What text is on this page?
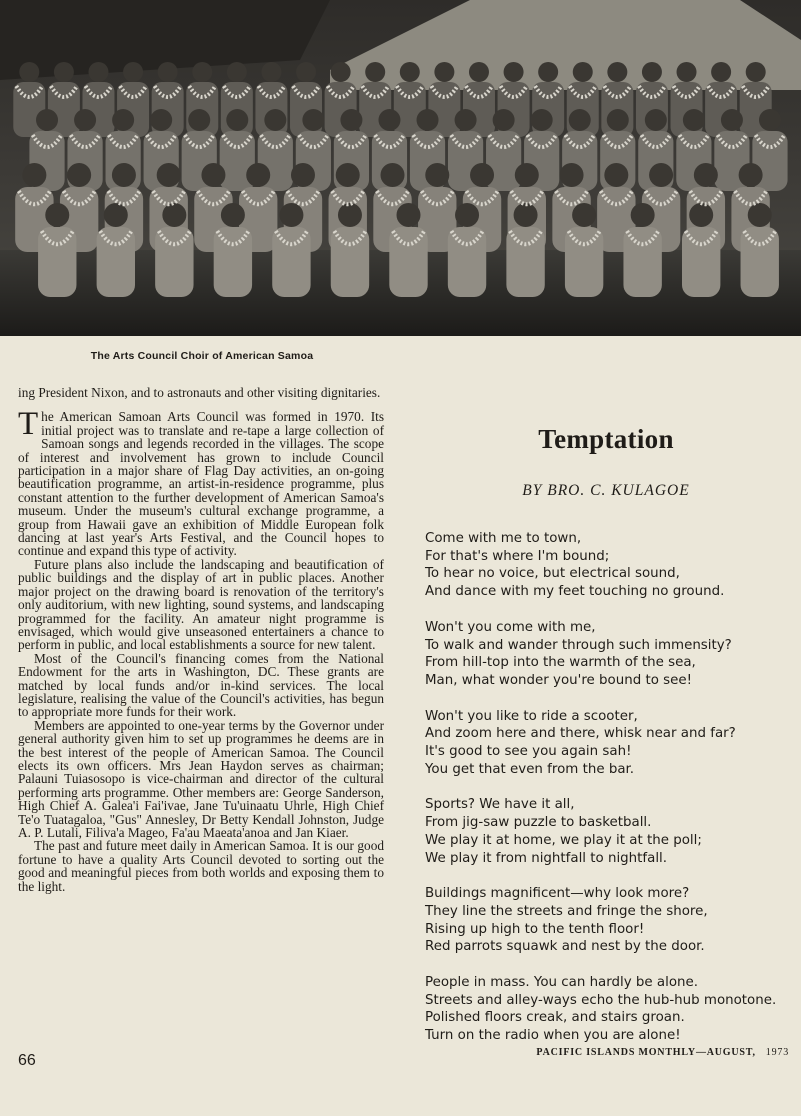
The Arts Council Choir of American Samoa

ing President Nixon, and to astronauts and other visiting dignitaries.

The American Samoan Arts Council was formed in 1970. Its initial project was to translate and re-tape a large collection of Samoan songs and legends recorded in the villages. The scope of interest and involvement has grown to include Council participation in a major share of Flag Day activities, an on-going beautification programme, an artist-in-residence programme, plus constant attention to the further development of American Samoa's museum. Under the museum's cultural exchange programme, a group from Hawaii gave an exhibition of Middle European folk dancing at last year's Arts Festival, and the Council hopes to continue and expand this type of activity.

Future plans also include the landscaping and beautification of public buildings and the display of art in public places. Another major project on the drawing board is renovation of the territory's only auditorium, with new lighting, sound systems, and landscaping programmed for the facility. An amateur night programme is envisaged, which would give unseasoned entertainers a chance to perform in public, and local establishments a source for new talent.

Most of the Council's financing comes from the National Endowment for the arts in Washington, DC. These grants are matched by local funds and/or in-kind services. The local legislature, realising the value of the Council's activities, has begun to appropriate more funds for their work.

Members are appointed to one-year terms by the Governor under general authority given him to set up programmes he deems are in the best interest of the people of American Samoa. The Council elects its own officers. Mrs Jean Haydon serves as chairman; Palauni Tuiasosopo is vice-chairman and director of the cultural performing arts programme. Other members are: George Sanderson, High Chief A. Galea'i Fai'ivae, Jane Tu'uinaatu Uhrle, High Chief Te'o Tuatagaloa, "Gus" Annesley, Dr Betty Kendall Johnston, Judge A. P. Lutali, Filiva'a Mageo, Fa'au Maeata'anoa and Jan Kiaer.

The past and future meet daily in American Samoa. It is our good fortune to have a quality Arts Council devoted to sorting out the good and meaningful pieces from both worlds and exposing them to the light.

Temptation
BY BRO. C. KULAGOE
Come with me to town,
For that's where I'm bound;
To hear no voice, but electrical sound,
And dance with my feet touching no ground.
Won't you come with me,
To walk and wander through such immensity?
From hill-top into the warmth of the sea,
Man, what wonder you're bound to see!
Won't you like to ride a scooter,
And zoom here and there, whisk near and far?
It's good to see you again sah!
You get that even from the bar.
Sports? We have it all,
From jig-saw puzzle to basketball.
We play it at home, we play it at the poll;
We play it from nightfall to nightfall.
Buildings magnificent—why look more?
They line the streets and fringe the shore,
Rising up high to the tenth floor!
Red parrots squawk and nest by the door.
People in mass. You can hardly be alone.
Streets and alley-ways echo the hub-hub monotone.
Polished floors creak, and stairs groan.
Turn on the radio when you are alone!
66	PACIFIC ISLANDS MONTHLY—AUGUST, 1973
